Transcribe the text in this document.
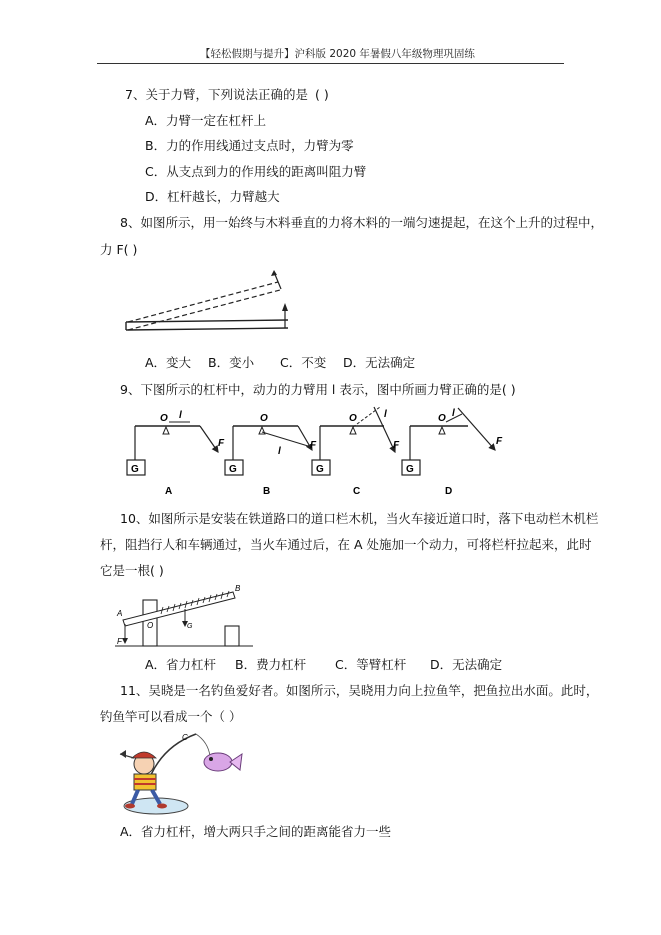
【轻松假期与提升】沪科版 2020 年暑假八年级物理巩固练
7、关于力臂，下列说法正确的是 ( )
A．力臂一定在杠杆上
B．力的作用线通过支点时，力臂为零
C．从支点到力的作用线的距离叫阻力臂
D．杠杆越长，力臂越大
8、如图所示，用一始终与木料垂直的力将木料的一端匀速提起，在这个上升的过程中，
力 F( )
A．变大 B．变小 C．不变 D．无法确定
9、下图所示的杠杆中，动力的力臂用 l 表示，图中所画力臂正确的是( )
G
O l
F
A
G
O
l
F
B
G
O	l
F
C
G
O l
F
D
10、如图所示是安装在铁道路口的道口栏木机，当火车接近道口时，落下电动栏木机栏
杆，阻挡行人和车辆通过，当火车通过后，在 A 处施加一个动力，可将栏杆拉起来，此时
它是一根( )
A
O
B
G
F
A．省力杠杆 B．费力杠杆 C．等臂杠杆 D．无法确定
11、吴晓是一名钓鱼爱好者。如图所示，吴晓用力向上拉鱼竿，把鱼拉出水面。此时，
钓鱼竿可以看成一个（ ）
C
A．省力杠杆，增大两只手之间的距离能省力一些
